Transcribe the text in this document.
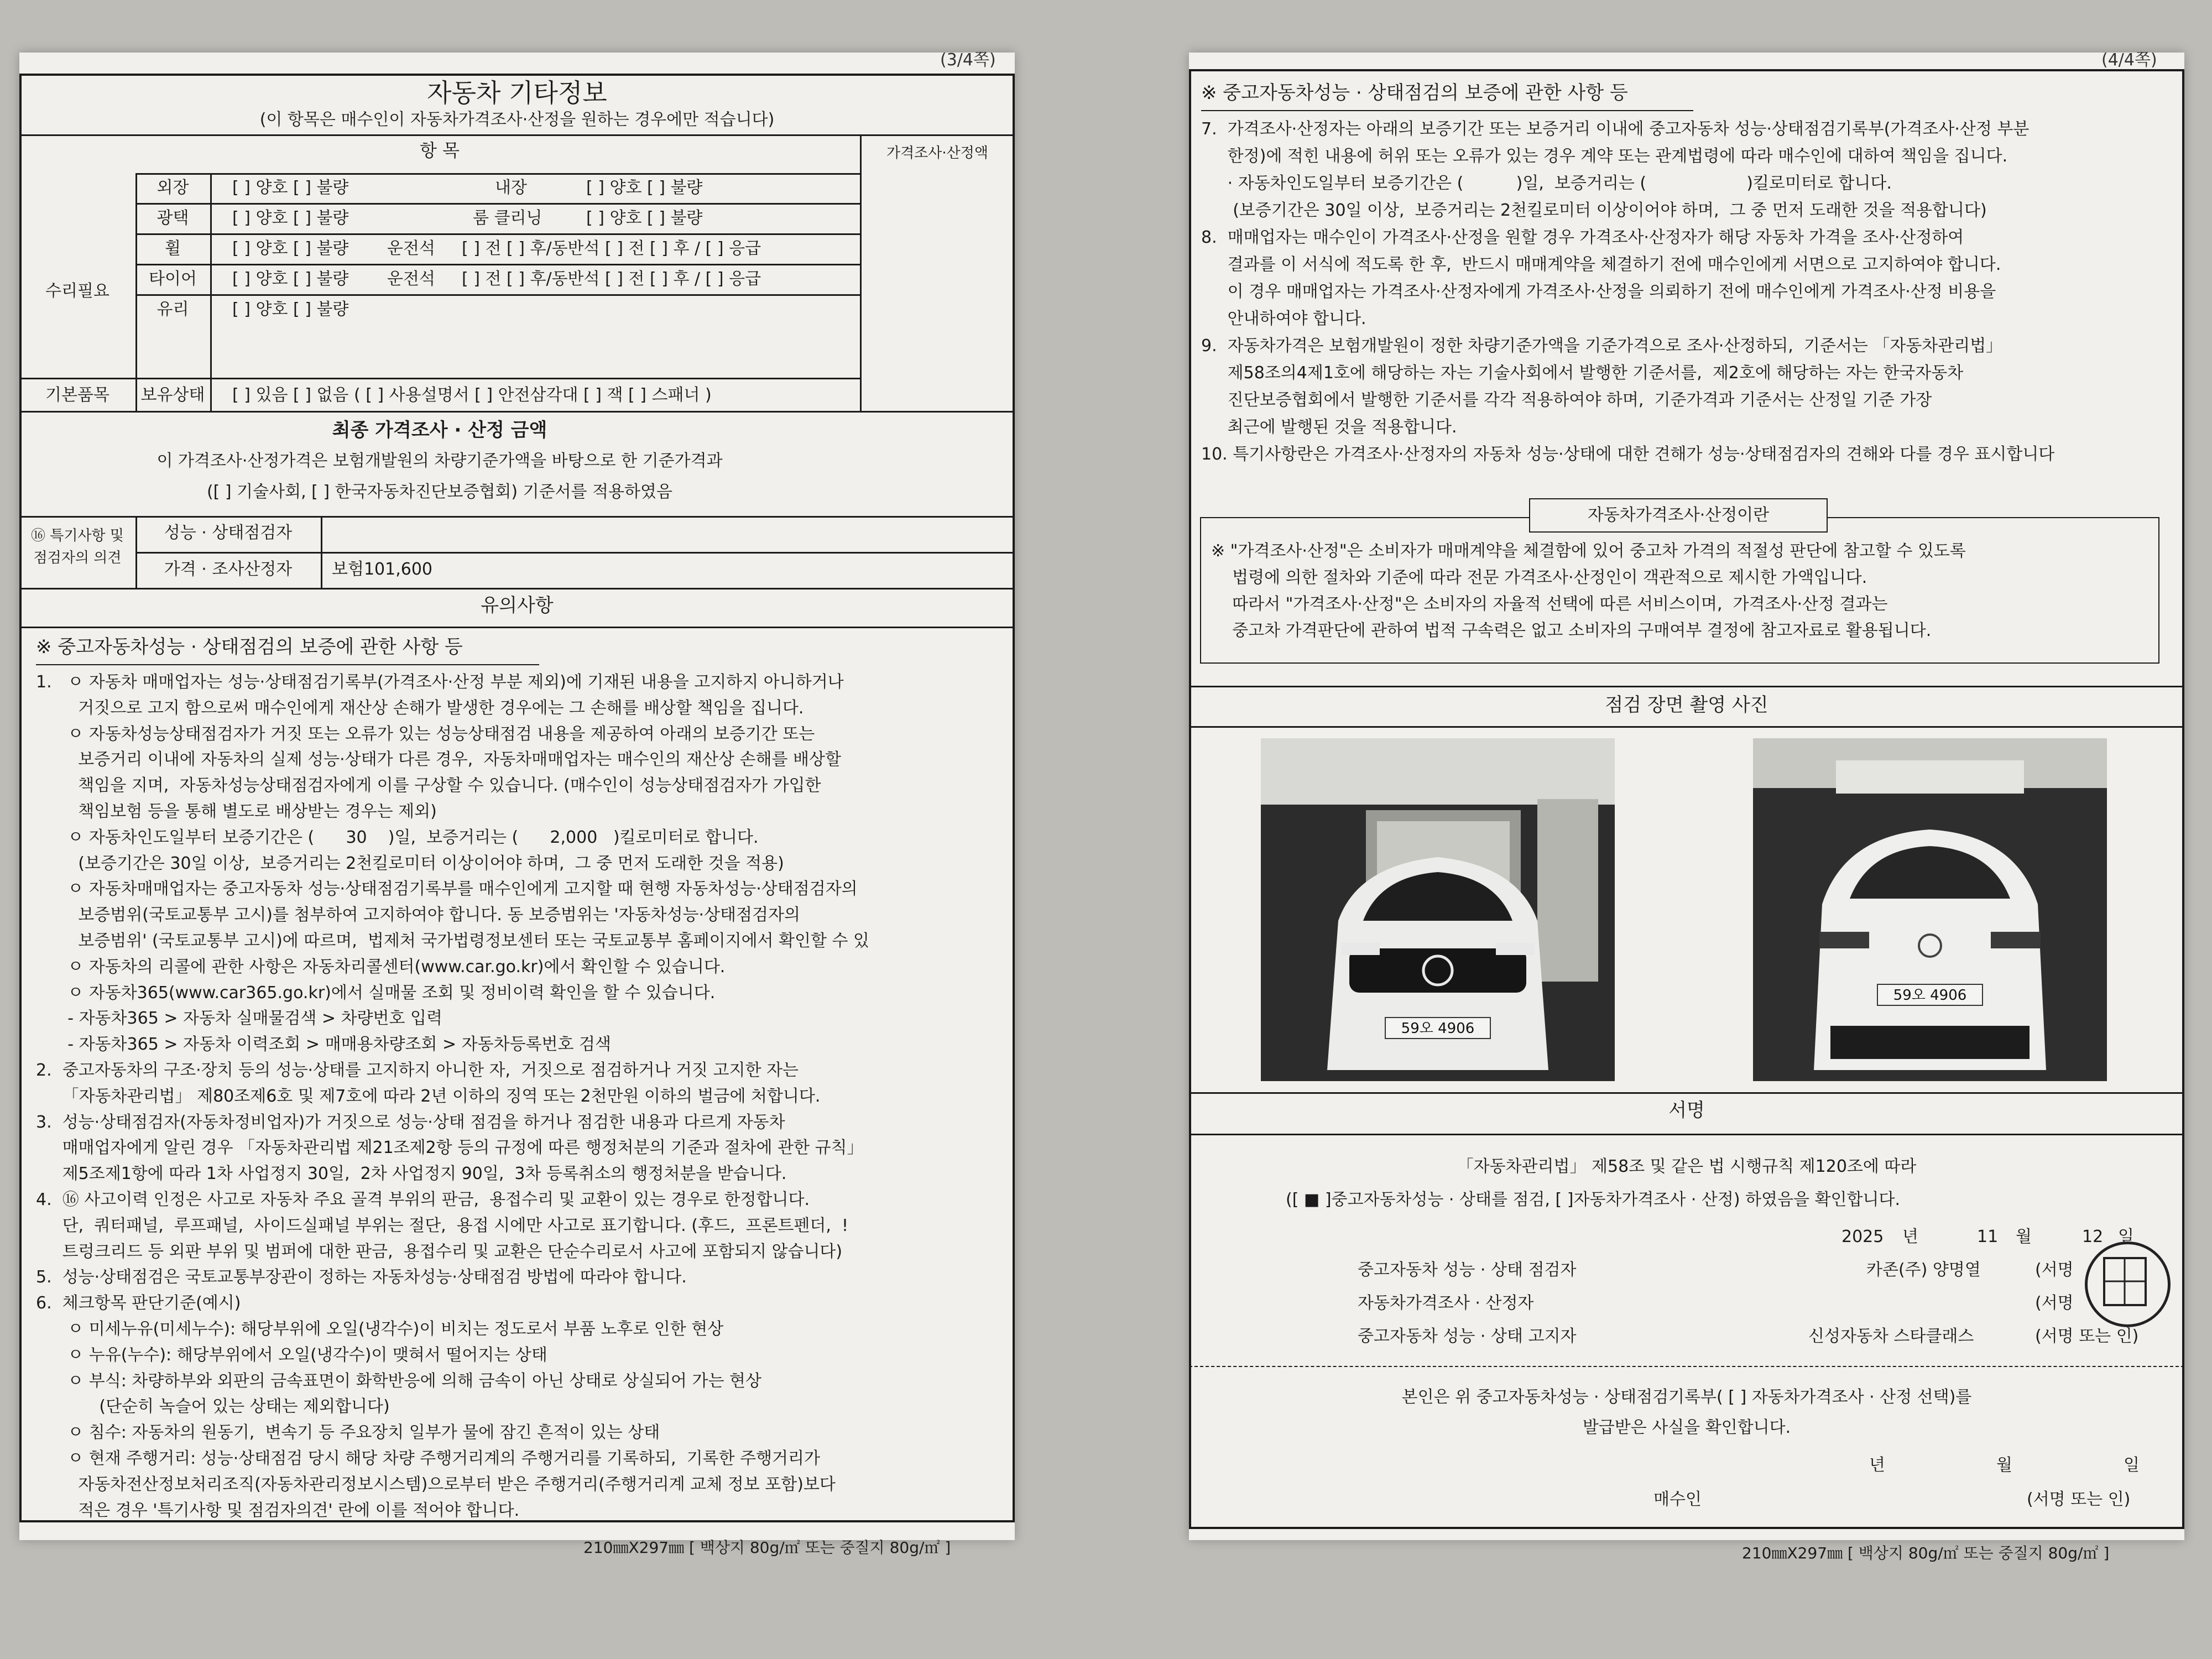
(3/4쪽)
자동차 기타정보
(이 항목은 매수인이 자동차가격조사·산정을 원하는 경우에만 적습니다)
항 목	가격조사·산정액
수리필요
기본품목
외장	[ ] 양호 [ ] 불량	내장	[ ] 양호 [ ] 불량
광택	[ ] 양호 [ ] 불량	룸 클리닝	[ ] 양호 [ ] 불량
휠	[ ] 양호 [ ] 불량 운전석 [ ] 전 [ ] 후/동반석 [ ] 전 [ ] 후 / [ ] 응급
타이어	[ ] 양호 [ ] 불량 운전석 [ ] 전 [ ] 후/동반석 [ ] 전 [ ] 후 / [ ] 응급
유리	[ ] 양호 [ ] 불량
보유상태	[ ] 있음 [ ] 없음 ( [ ] 사용설명서 [ ] 안전삼각대 [ ] 잭 [ ] 스패너 )
최종 가격조사 · 산정 금액
이 가격조사·산정가격은 보험개발원의 차량기준가액을 바탕으로 한 기준가격과
([ ] 기술사회, [ ] 한국자동차진단보증협회) 기준서를 적용하였음
⑯ 특기사항 및
점검자의 의견
성능 · 상태점검자
가격 · 조사산정자	보험101,600
유의사항
※ 중고자동차성능 · 상태점검의 보증에 관한 사항 등
1.   ㅇ 자동차 매매업자는 성능·상태점검기록부(가격조사·산정 부분 제외)에 기재된 내용을 고지하지 아니하거나
거짓으로 고지 함으로써 매수인에게 재산상 손해가 발생한 경우에는 그 손해를 배상할 책임을 집니다.
ㅇ 자동차성능상태점검자가 거짓 또는 오류가 있는 성능상태점검 내용을 제공하여 아래의 보증기간 또는
보증거리 이내에 자동차의 실제 성능·상태가 다른 경우,  자동차매매업자는 매수인의 재산상 손해를 배상할
책임을 지며,  자동차성능상태점검자에게 이를 구상할 수 있습니다. (매수인이 성능상태점검자가 가입한
책임보험 등을 통해 별도로 배상받는 경우는 제외)
ㅇ 자동차인도일부터 보증기간은 (      30    )일,  보증거리는 (      2,000   )킬로미터로 합니다.
(보증기간은 30일 이상,  보증거리는 2천킬로미터 이상이어야 하며,  그 중 먼저 도래한 것을 적용)
ㅇ 자동차매매업자는 중고자동차 성능·상태점검기록부를 매수인에게 고지할 때 현행 자동차성능·상태점검자의
보증범위(국토교통부 고시)를 첨부하여 고지하여야 합니다. 동 보증범위는 '자동차성능·상태점검자의
보증범위' (국토교통부 고시)에 따르며,  법제처 국가법령정보센터 또는 국토교통부 홈페이지에서 확인할 수 있
ㅇ 자동차의 리콜에 관한 사항은 자동차리콜센터(www.car.go.kr)에서 확인할 수 있습니다.
ㅇ 자동차365(www.car365.go.kr)에서 실매물 조회 및 정비이력 확인을 할 수 있습니다.
- 자동차365 > 자동차 실매물검색 > 차량번호 입력
- 자동차365 > 자동차 이력조회 > 매매용차량조회 > 자동차등록번호 검색
2.  중고자동차의 구조·장치 등의 성능·상태를 고지하지 아니한 자,  거짓으로 점검하거나 거짓 고지한 자는
「자동차관리법」 제80조제6호 및 제7호에 따라 2년 이하의 징역 또는 2천만원 이하의 벌금에 처합니다.
3.  성능·상태점검자(자동차정비업자)가 거짓으로 성능·상태 점검을 하거나 점검한 내용과 다르게 자동차
매매업자에게 알린 경우 「자동차관리법 제21조제2항 등의 규정에 따른 행정처분의 기준과 절차에 관한 규칙」
제5조제1항에 따라 1차 사업정지 30일,  2차 사업정지 90일,  3차 등록취소의 행정처분을 받습니다.
4.  ⑯ 사고이력 인정은 사고로 자동차 주요 골격 부위의 판금,  용접수리 및 교환이 있는 경우로 한정합니다.
단,  쿼터패널,  루프패널,  사이드실패널 부위는 절단,  용접 시에만 사고로 표기합니다. (후드,  프론트펜더,  !
트렁크리드 등 외판 부위 및 범퍼에 대한 판금,  용접수리 및 교환은 단순수리로서 사고에 포함되지 않습니다)
5.  성능·상태점검은 국토교통부장관이 정하는 자동차성능·상태점검 방법에 따라야 합니다.
6.  체크항목 판단기준(예시)
ㅇ 미세누유(미세누수): 해당부위에 오일(냉각수)이 비치는 정도로서 부품 노후로 인한 현상
ㅇ 누유(누수): 해당부위에서 오일(냉각수)이 맺혀서 떨어지는 상태
ㅇ 부식: 차량하부와 외판의 금속표면이 화학반응에 의해 금속이 아닌 상태로 상실되어 가는 현상
(단순히 녹슬어 있는 상태는 제외합니다)
ㅇ 침수: 자동차의 원동기,  변속기 등 주요장치 일부가 물에 잠긴 흔적이 있는 상태
ㅇ 현재 주행거리: 성능·상태점검 당시 해당 차량 주행거리계의 주행거리를 기록하되,  기록한 주행거리가
자동차전산정보처리조직(자동차관리정보시스템)으로부터 받은 주행거리(주행거리계 교체 정보 포함)보다
적은 경우 '특기사항 및 점검자의견' 란에 이를 적어야 합니다.
210㎜X297㎜ [ 백상지 80g/㎡ 또는 중질지 80g/㎡ ]
(4/4쪽)
※ 중고자동차성능 · 상태점검의 보증에 관한 사항 등
7.  가격조사·산정자는 아래의 보증기간 또는 보증거리 이내에 중고자동차 성능·상태점검기록부(가격조사·산정 부분
한정)에 적힌 내용에 허위 또는 오류가 있는 경우 계약 또는 관계법령에 따라 매수인에 대하여 책임을 집니다.
· 자동차인도일부터 보증기간은 (          )일,  보증거리는 (                   )킬로미터로 합니다.
(보증기간은 30일 이상,  보증거리는 2천킬로미터 이상이어야 하며,  그 중 먼저 도래한 것을 적용합니다)
8.  매매업자는 매수인이 가격조사·산정을 원할 경우 가격조사·산정자가 해당 자동차 가격을 조사·산정하여
결과를 이 서식에 적도록 한 후,  반드시 매매계약을 체결하기 전에 매수인에게 서면으로 고지하여야 합니다.
이 경우 매매업자는 가격조사·산정자에게 가격조사·산정을 의뢰하기 전에 매수인에게 가격조사·산정 비용을
안내하여야 합니다.
9.  자동차가격은 보험개발원이 정한 차량기준가액을 기준가격으로 조사·산정하되,  기준서는 「자동차관리법」
제58조의4제1호에 해당하는 자는 기술사회에서 발행한 기준서를,  제2호에 해당하는 자는 한국자동차
진단보증협회에서 발행한 기준서를 각각 적용하여야 하며,  기준가격과 기준서는 산정일 기준 가장
최근에 발행된 것을 적용합니다.
10. 특기사항란은 가격조사·산정자의 자동차 성능·상태에 대한 견해가 성능·상태점검자의 견해와 다를 경우 표시합니다
자동차가격조사·산정이란
※ "가격조사·산정"은 소비자가 매매계약을 체결함에 있어 중고차 가격의 적절성 판단에 참고할 수 있도록
법령에 의한 절차와 기준에 따라 전문 가격조사·산정인이 객관적으로 제시한 가액입니다.
따라서 "가격조사·산정"은 소비자의 자율적 선택에 따른 서비스이며,  가격조사·산정 결과는
중고차 가격판단에 관하여 법적 구속력은 없고 소비자의 구매여부 결정에 참고자료로 활용됩니다.
점검 장면 촬영 사진
59오 4906
59오 4906
서명
「자동차관리법」 제58조 및 같은 법 시행규칙 제120조에 따라
([ ■ ]중고자동차성능 · 상태를 점검, [ ]자동차가격조사 · 산정) 하였음을 확인합니다.
2025 년	11 월	12 일
중고자동차 성능 · 상태 점검자	카존(주) 양명열	(서명
자동차가격조사 · 산정자	(서명
중고자동차 성능 · 상태 고지자	신성자동차 스타클래스	(서명 또는 인)
본인은 위 중고자동차성능 · 상태점검기록부( [ ] 자동차가격조사 · 산정 선택)를
발급받은 사실을 확인합니다.
년	월	일
매수인	(서명 또는 인)
210㎜X297㎜ [ 백상지 80g/㎡ 또는 중질지 80g/㎡ ]
